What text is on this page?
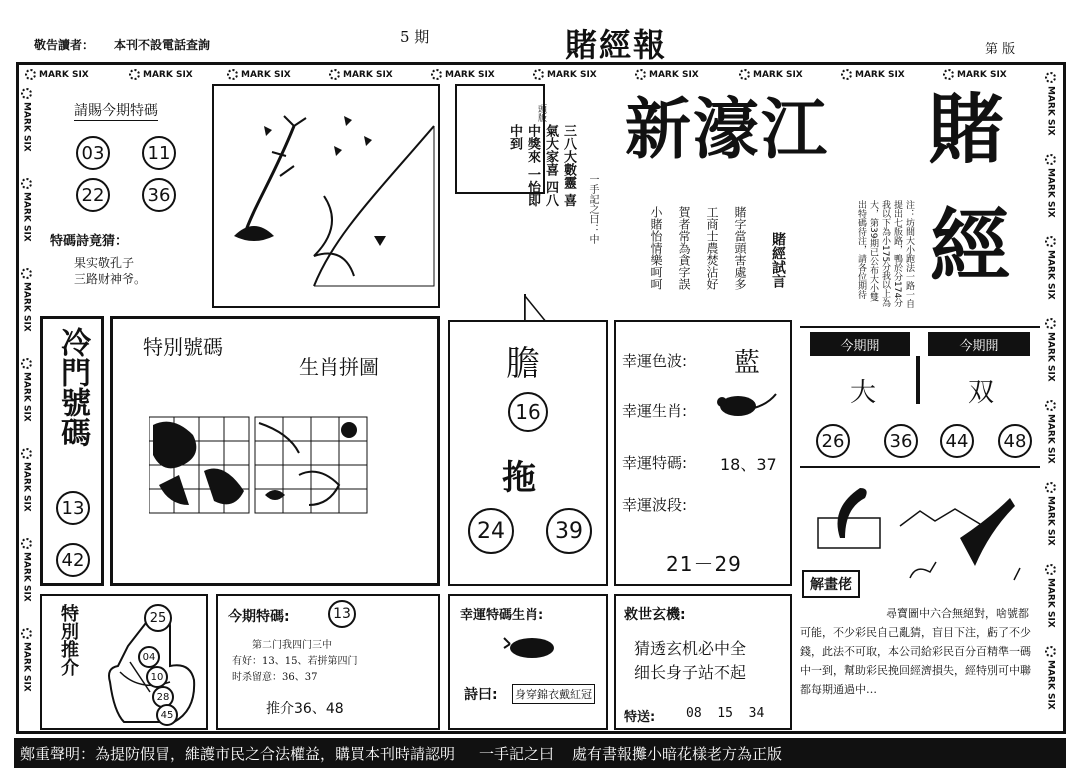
敬告讀者： 本刊不設電話查詢	5 期	賭經報	第 版
MARK SIX	MARK SIX	MARK SIX	MARK SIX	MARK SIX	MARK SIX	MARK SIX	MARK SIX	MARK SIX	MARK SIX
MARK SIX
MARK SIX
MARK SIX
MARK SIX
MARK SIX
MARK SIX
MARK SIX
MARK SIX
MARK SIX
MARK SIX
MARK SIX
MARK SIX
MARK SIX
MARK SIX
MARK SIX
請賜今期特碼
03	11
22	36
特碼詩竟猜：
果实敬孔子
三路财神爷。
三八大數靈 喜氣大家喜 四八中獎來 一怡即中到
一手記之曰：中
頭版 新濠江 賭
經
賭經試言
賭字當頭害處多
工商士農焚沾好
賀者常為貪字誤
小賭怡情樂呵呵	注：坊間大小跑法一路一自提出七版路，鴨於分174分我以下為小175分我以上為大，第39期已公布大小雙出特碼待注，請各位期待
冷門號碼
13
42
特別號碼
生肖拼圖	膽
16
拖
24	39
幸運色波: 藍
幸運生肖:
幸運特碼: 18、37
幸運波段:
21－29
今期開	今期開
大	双
26	36	44	48
解畫佬
尋寶圖中六合無絕對，啥號都可能，不少彩民自己亂猜，盲目下注，虧了不少錢，此法不可取，本公司給彩民百分百精準一碼中一到，幫助彩民挽回經濟損失，經特別可中聯都每期通過中…
特別推介	25
04
10
28
45
今期特碼:	13
第二门我四门三中
有好：13、15、若拼第四门
时杀留意：36、37
推介36、48
幸運特碼生肖:
詩曰: 身穿錦衣戴紅冠
救世玄機:
猜透玄机必中全
细长身子站不起
特送: 08  15  34
鄭重聲明：為提防假冒，維護市民之合法權益，購買本刊時請認明 一手記之曰 處有書報攤小暗花樣老方為正版
